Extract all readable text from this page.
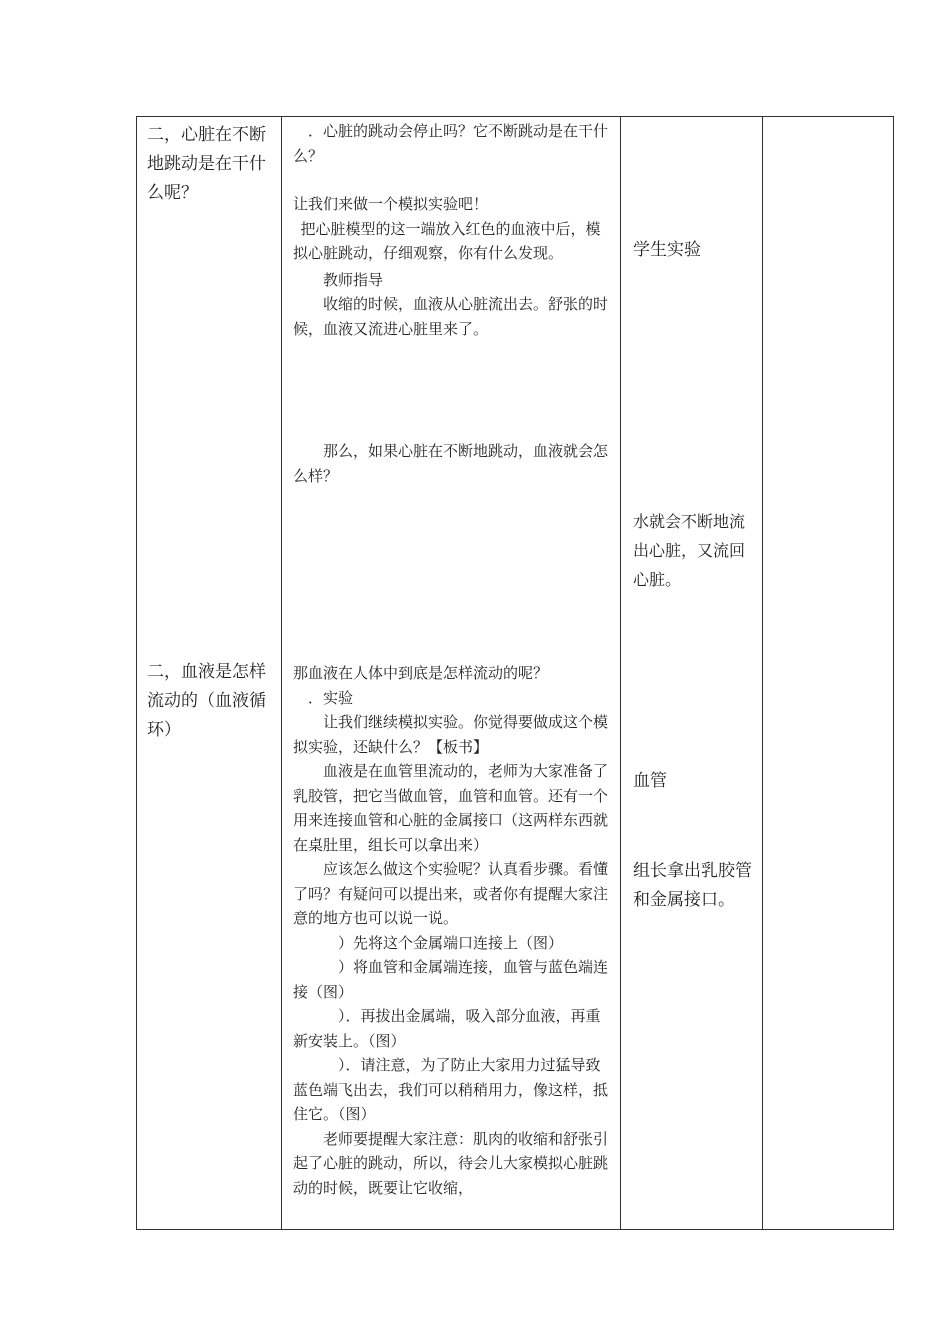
二，心脏在不断地跳动是在干什么呢？

二，血液是怎样流动的（血液循环）

．心脏的跳动会停止吗？它不断跳动是在干什么？

让我们来做一个模拟实验吧！

把心脏模型的这一端放入红色的血液中后，模拟心脏跳动，仔细观察，你有什么发现。

教师指导

收缩的时候，血液从心脏流出去。舒张的时候，血液又流进心脏里来了。

那么，如果心脏在不断地跳动，血液就会怎么样？

那血液在人体中到底是怎样流动的呢？

．实验

让我们继续模拟实验。你觉得要做成这个模拟实验，还缺什么？【板书】

血液是在血管里流动的，老师为大家准备了乳胶管，把它当做血管，血管和血管。还有一个用来连接血管和心脏的金属接口（这两样东西就在桌肚里，组长可以拿出来）

应该怎么做这个实验呢？认真看步骤。看懂了吗？有疑问可以提出来，或者你有提醒大家注意的地方也可以说一说。

）先将这个金属端口连接上（图）

）将血管和金属端连接，血管与蓝色端连接（图）

）．再拔出金属端，吸入部分血液，再重新安装上。（图）

）．请注意，为了防止大家用力过猛导致蓝色端飞出去，我们可以稍稍用力，像这样，抵住它。（图）

老师要提醒大家注意：肌肉的收缩和舒张引起了心脏的跳动，所以，待会儿大家模拟心脏跳动的时候，既要让它收缩，

学生实验

水就会不断地流出心脏，又流回心脏。

血管

组长拿出乳胶管和金属接口。
